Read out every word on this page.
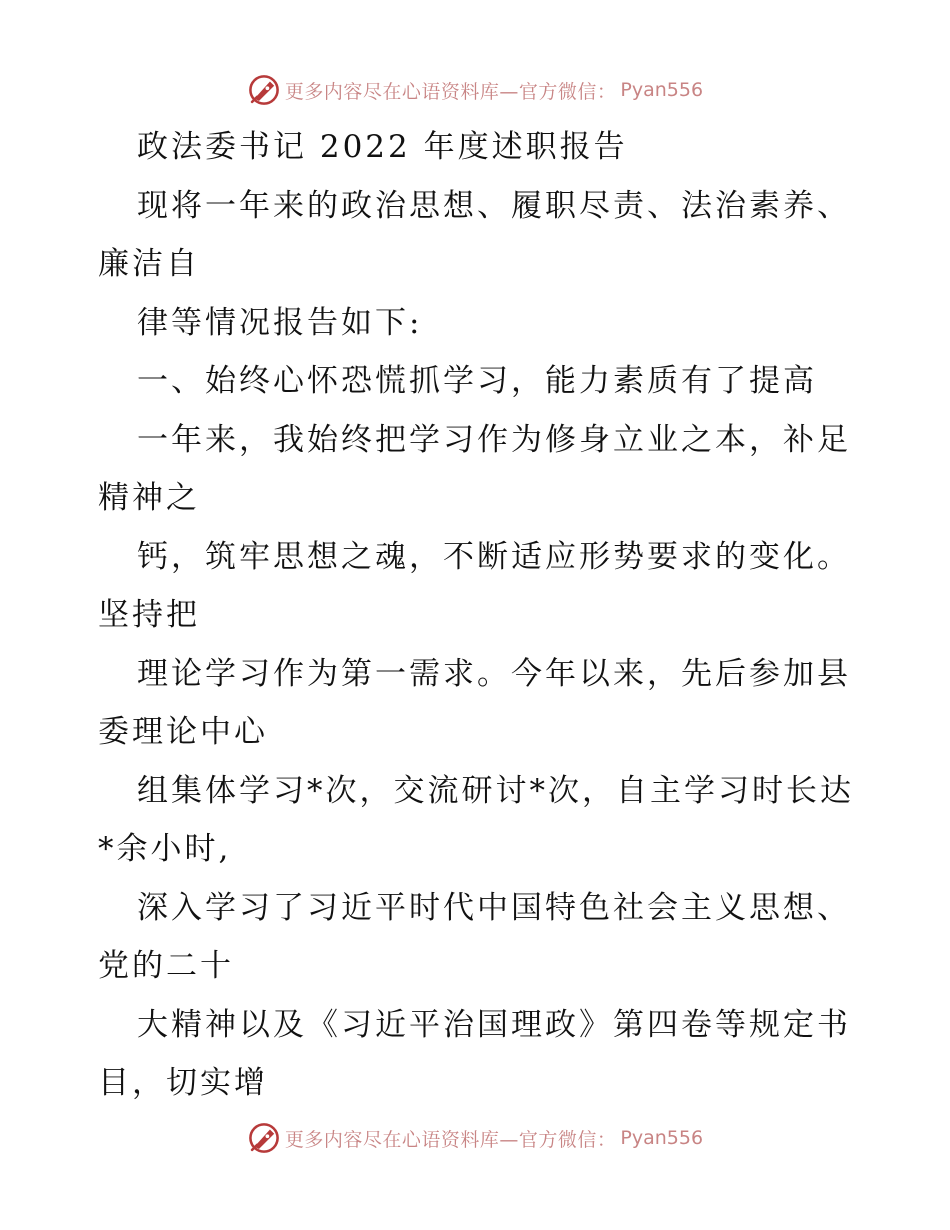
更多内容尽在心语资料库—官方微信： Pyan556
政法委书记 2022 年度述职报告
现将一年来的政治思想、履职尽责、法治素养、
廉洁自
律等情况报告如下:
一、始终心怀恐慌抓学习，能力素质有了提高
一年来，我始终把学习作为修身立业之本，补足
精神之
钙，筑牢思想之魂，不断适应形势要求的变化。
坚持把
理论学习作为第一需求。今年以来，先后参加县
委理论中心
组集体学习*次，交流研讨*次，自主学习时长达
*余小时,
深入学习了习近平时代中国特色社会主义思想、
党的二十
大精神以及《习近平治国理政》第四卷等规定书
目，切实增
更多内容尽在心语资料库—官方微信： Pyan556
